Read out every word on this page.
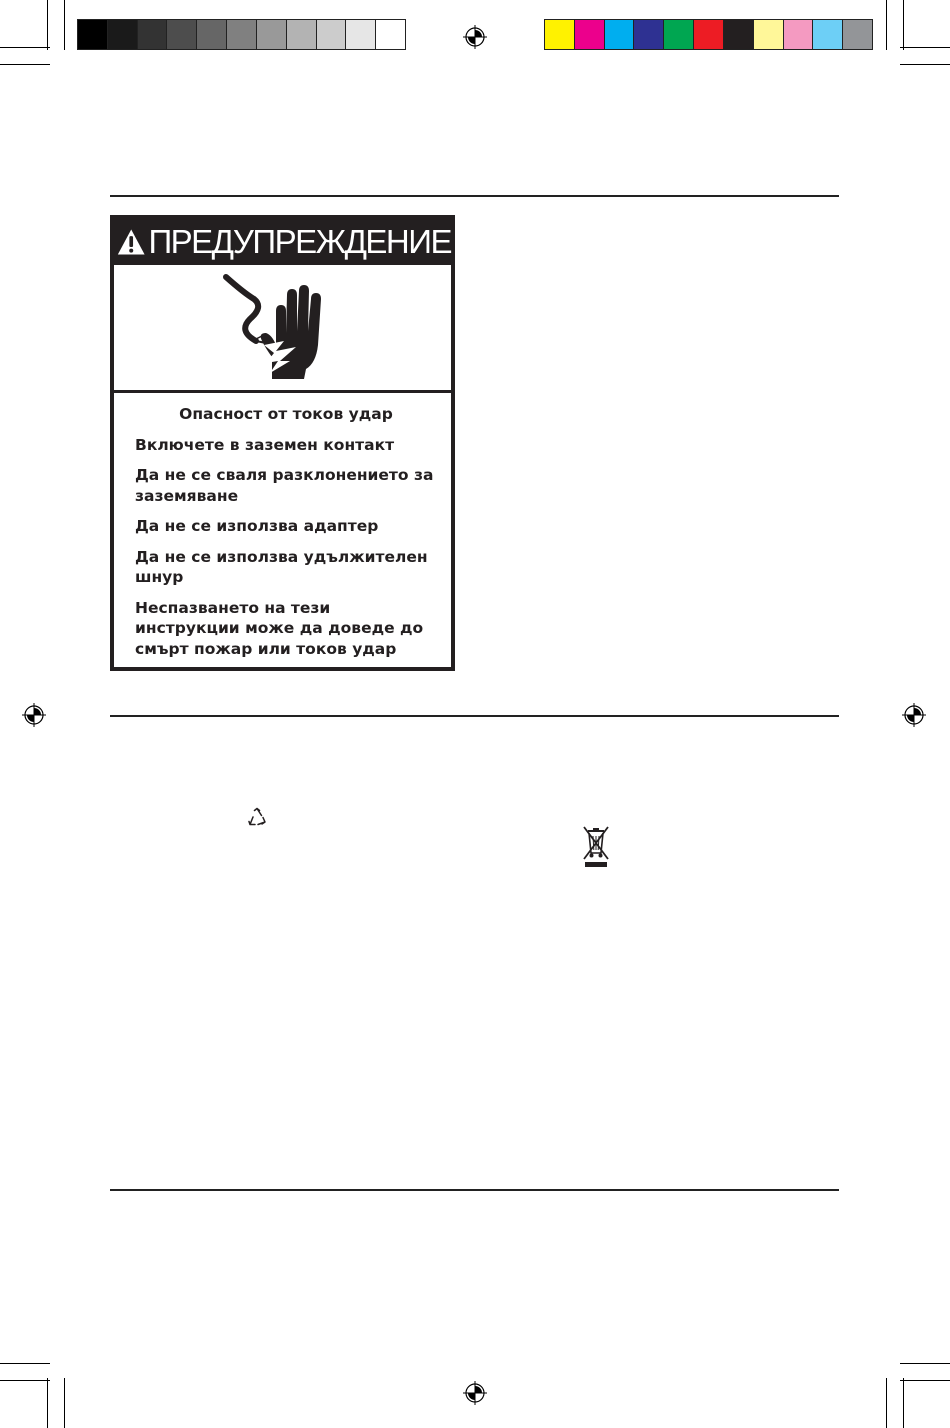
ПРЕДУПРЕЖДЕНИЕ
Опасност от токов удар
Включете в заземен контакт
Да не се сваля разклонението за заземяване
Да не се използва адаптер
Да не се използва удължителен шнур
Неспазването на тези инструкции може да доведе до смърт пожар или токов удар
